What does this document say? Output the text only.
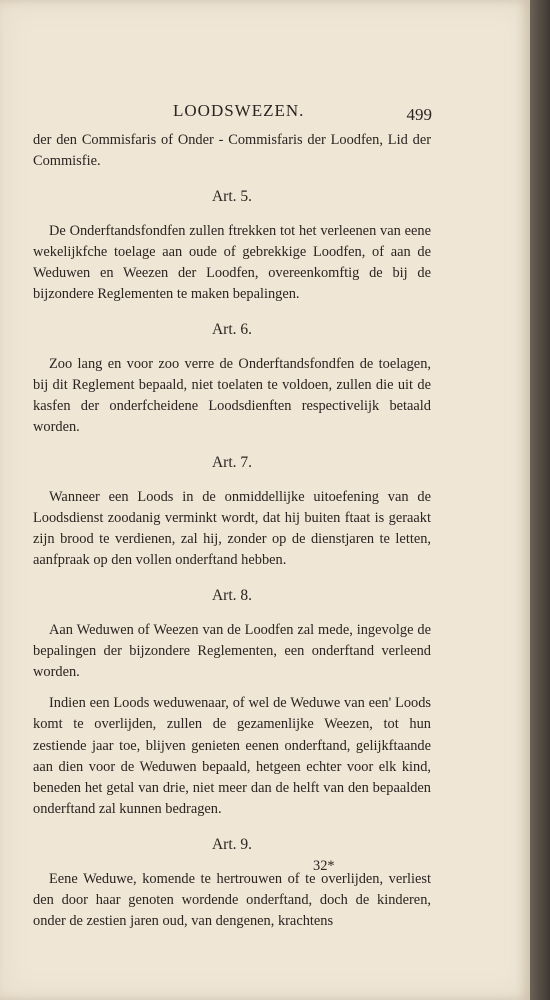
LOODSWEZEN.	499

der den Commisfaris of Onder - Commisfaris der Loodfen, Lid der Commisfie.

Art. 5.

De Onderftandsfondfen zullen ftrekken tot het verleenen van eene wekelijkfche toelage aan oude of gebrekkige Loodfen, of aan de Weduwen en Weezen der Loodfen, overeenkomftig de bij de bijzondere Reglementen te maken bepalingen.

Art. 6.

Zoo lang en voor zoo verre de Onderftandsfondfen de toelagen, bij dit Reglement bepaald, niet toelaten te voldoen, zullen die uit de kasfen der onderfcheidene Loodsdienften respectivelijk betaald worden.

Art. 7.

Wanneer een Loods in de onmiddellijke uitoefening van de Loodsdienst zoodanig verminkt wordt, dat hij buiten ftaat is geraakt zijn brood te verdienen, zal hij, zonder op de dienstjaren te letten, aanfpraak op den vollen onderftand hebben.

Art. 8.

Aan Weduwen of Weezen van de Loodfen zal mede, ingevolge de bepalingen der bijzondere Reglementen, een onderftand verleend worden.

Indien een Loods weduwenaar, of wel de Weduwe van een' Loods komt te overlijden, zullen de gezamenlijke Weezen, tot hun zestiende jaar toe, blijven genieten eenen onderftand, gelijkftaande aan dien voor de Weduwen bepaald, hetgeen echter voor elk kind, beneden het getal van drie, niet meer dan de helft van den bepaalden onderftand zal kunnen bedragen.

Art. 9.

Eene Weduwe, komende te hertrouwen of te overlijden, verliest den door haar genoten wordende onderftand, doch de kinderen, onder de zestien jaren oud, van dengenen, krachtens

32*
